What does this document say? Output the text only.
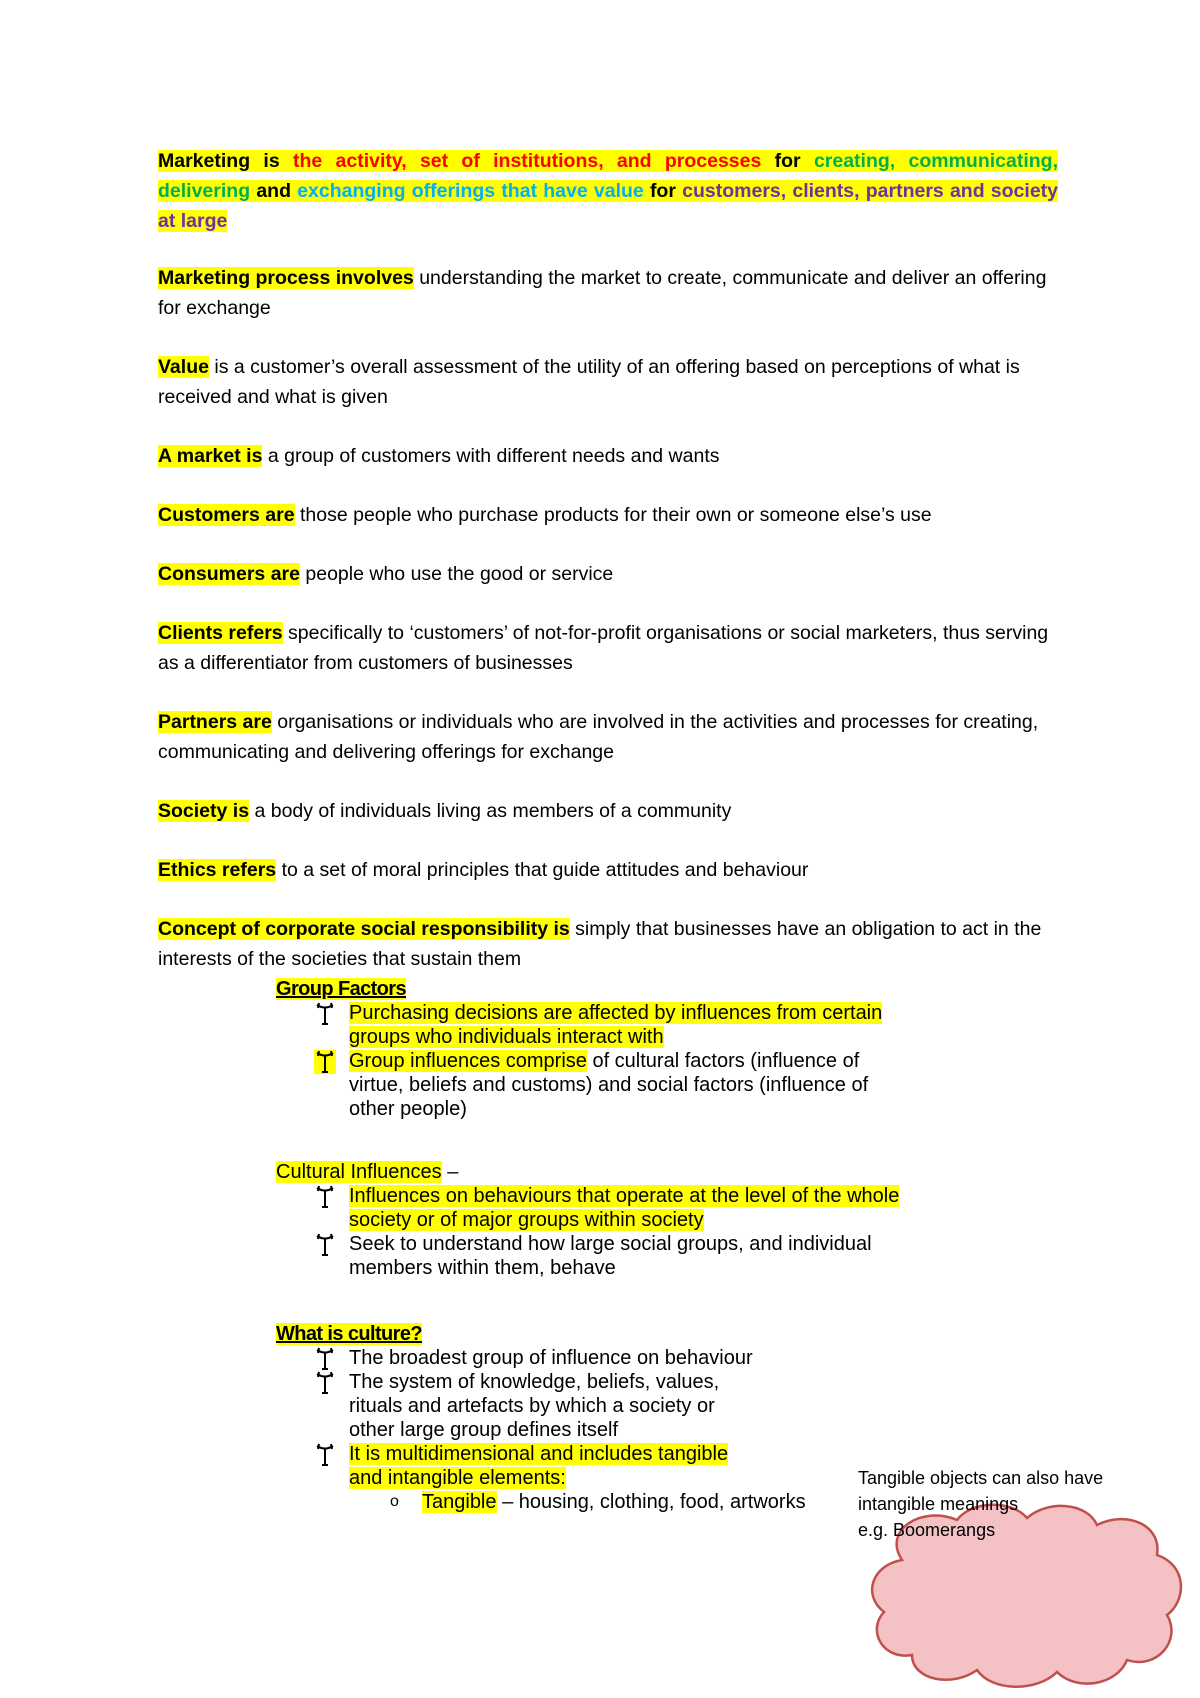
Marketing is the activity, set of institutions, and processes for creating, communicating, delivering and exchanging offerings that have value for customers, clients, partners and society at large

Marketing process involves understanding the market to create, communicate and deliver an offering for exchange

Value is a customer’s overall assessment of the utility of an offering based on perceptions of what is received and what is given

A market is a group of customers with different needs and wants

Customers are those people who purchase products for their own or someone else’s use

Consumers are people who use the good or service

Clients refers specifically to ‘customers’ of not-for-profit organisations or social marketers, thus serving as a differentiator from customers of businesses

Partners are organisations or individuals who are involved in the activities and processes for creating, communicating and delivering offerings for exchange

Society is a body of individuals living as members of a community

Ethics refers to a set of moral principles that guide attitudes and behaviour

Concept of corporate social responsibility is simply that businesses have an obligation to act in the interests of the societies that sustain them

Group Factors

Purchasing decisions are affected by influences from certain groups who individuals interact with

Group influences comprise of cultural factors (influence of virtue, beliefs and customs) and social factors (influence of other people)

Cultural Influences –

Influences on behaviours that operate at the level of the whole society or of major groups within society

Seek to understand how large social groups, and individual members within them, behave

What is culture?

The broadest group of influence on behaviour

The system of knowledge, beliefs, values, rituals and artefacts by which a society or other large group defines itself

It is multidimensional and includes tangible and intangible elements:

o Tangible – housing, clothing, food, artworks

Tangible objects can also have
intangible meanings
e.g. Boomerangs
